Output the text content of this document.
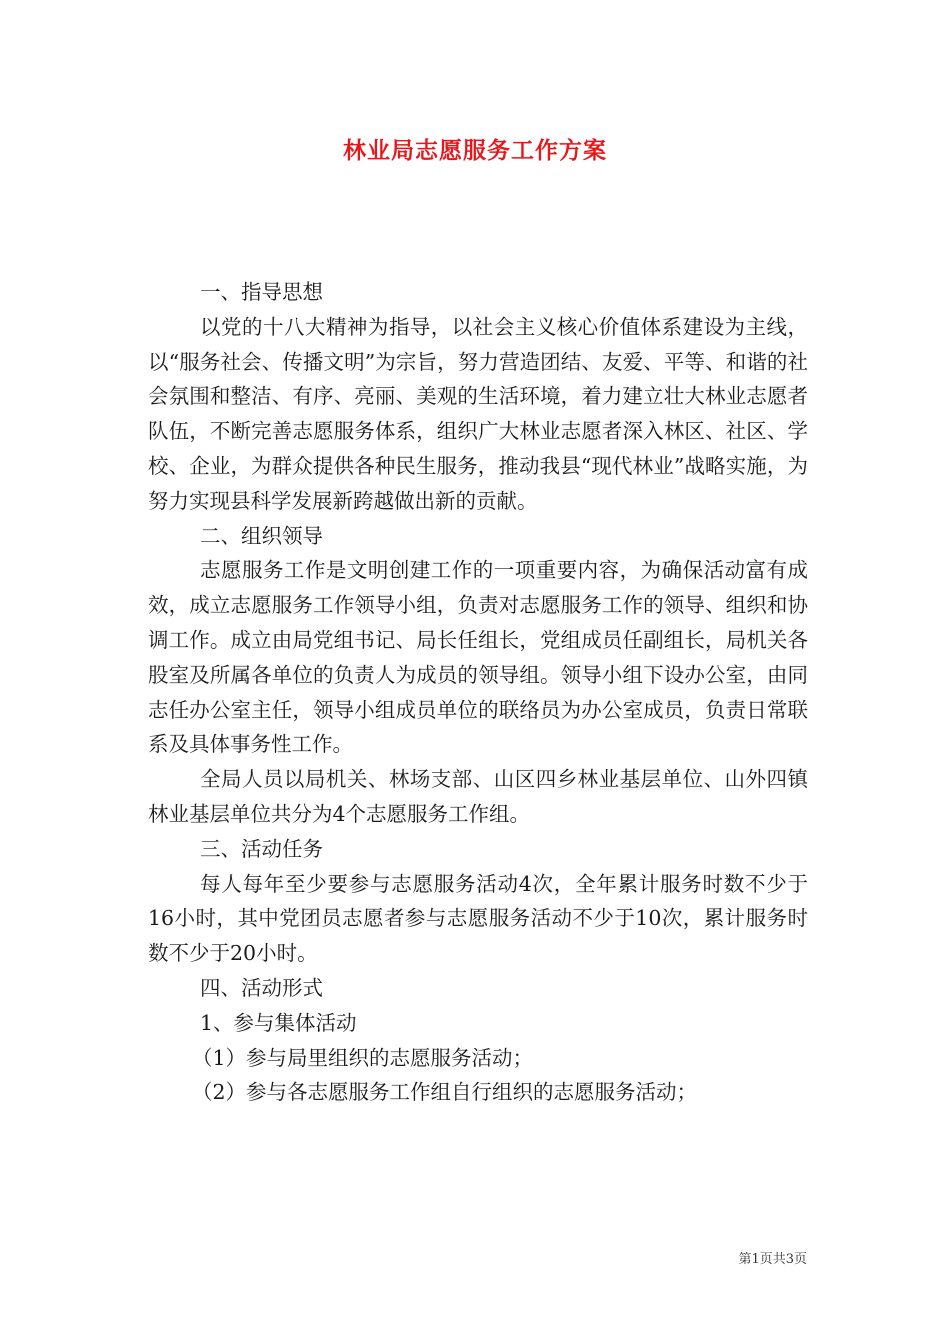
林业局志愿服务工作方案
一、指导思想
以党的十八大精神为指导，以社会主义核心价值体系建设为主线，以“服务社会、传播文明”为宗旨，努力营造团结、友爱、平等、和谐的社会氛围和整洁、有序、亮丽、美观的生活环境，着力建立壮大林业志愿者队伍，不断完善志愿服务体系，组织广大林业志愿者深入林区、社区、学校、企业，为群众提供各种民生服务，推动我县“现代林业”战略实施，为努力实现县科学发展新跨越做出新的贡献。
二、组织领导
志愿服务工作是文明创建工作的一项重要内容，为确保活动富有成效，成立志愿服务工作领导小组，负责对志愿服务工作的领导、组织和协调工作。成立由局党组书记、局长任组长，党组成员任副组长，局机关各股室及所属各单位的负责人为成员的领导组。领导小组下设办公室，由同志任办公室主任，领导小组成员单位的联络员为办公室成员，负责日常联系及具体事务性工作。
全局人员以局机关、林场支部、山区四乡林业基层单位、山外四镇林业基层单位共分为4个志愿服务工作组。
三、活动任务
每人每年至少要参与志愿服务活动4次，全年累计服务时数不少于16小时，其中党团员志愿者参与志愿服务活动不少于10次，累计服务时数不少于20小时。
四、活动形式
1、参与集体活动
（1）参与局里组织的志愿服务活动；
（2）参与各志愿服务工作组自行组织的志愿服务活动；
第1页共3页
